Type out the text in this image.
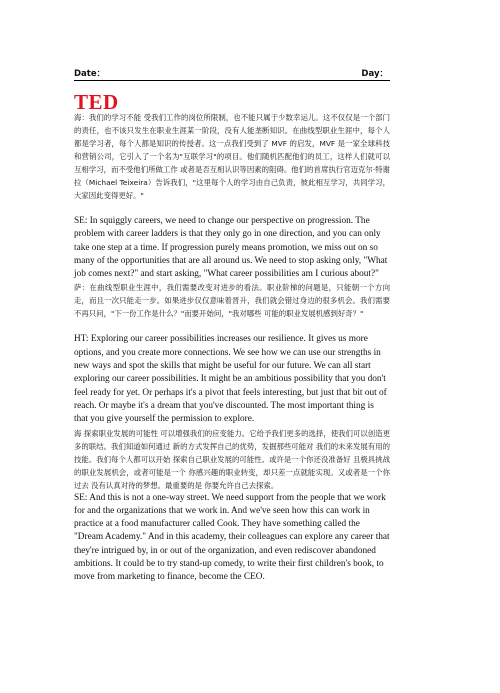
Date：	Day：
TED

海：我们的学习不能 受我们工作的岗位所限制，也不能只属于少数幸运儿。这不仅仅是一个部门的责任，也不该只发生在职业生涯某一阶段，没有人能垄断知识。在曲线型职业生涯中，每个人都是学习者，每个人都是知识的传授者。这一点我们受到了 MVF 的启发，MVF 是一家全球科技和营销公司，它引入了一个名为"互联学习"的项目。他们随机匹配他们的员工，这样人们就可以互相学习，而不受他们所做工作 或者是否互相认识等因素的阻碍。他们的首席执行官迈克尔·特谢拉（Michael Teixeira）告诉我们，"这里每个人的学习由自己负责，彼此相互学习，共同学习，大家因此变得更好。"

SE: In squiggly careers, we need to change our perspective on progression. The problem with career ladders is that they only go in one direction, and you can only take one step at a time. If progression purely means promotion, we miss out on so many of the opportunities that are all around us. We need to stop asking only, "What job comes next?" and start asking, "What career possibilities am I curious about?"

萨：在曲线型职业生涯中，我们需要改变对进步的看法。职业阶梯的问题是，只能朝一个方向走，而且一次只能走一步。如果进步仅仅意味着晋升，我们就会错过身边的很多机会。我们需要不再只问，"下一份工作是什么？"而要开始问，"我对哪些 可能的职业发展机感到好奇？"

HT: Exploring our career possibilities increases our resilience. It gives us more options, and you create more connections. We see how we can use our strengths in new ways and spot the skills that might be useful for our future. We can all start exploring our career possibilities. It might be an ambitious possibility that you don't feel ready for yet. Or perhaps it's a pivot that feels interesting, but just that bit out of reach. Or maybe it's a dream that you've discounted. The most important thing is that you give yourself the permission to explore.

海 探索职业发展的可能性 可以增强我们的应变能力。它给予我们更多的选择，使我们可以创造更多的联结。我们知道如何通过 新的方式发挥自己的优势，发掘那些可能对 我们的未来发展有用的技能。我们每个人都可以开始 探索自己职业发展的可能性。或许是一个你还没准备好 且极具挑战的职业发展机会，或者可能是一个 你感兴趣的职业转变，却只差一点就能实现。又或者是一个你过去 没有认真对待的梦想。最重要的是 你要允许自己去探索。

SE: And this is not a one-way street. We need support from the people that we work for and the organizations that we work in. And we've seen how this can work in practice at a food manufacturer called Cook. They have something called the "Dream Academy." And in this academy, their colleagues can explore any career that they're intrigued by, in or out of the organization, and even rediscover abandoned ambitions. It could be to try stand-up comedy, to write their first children's book, to move from marketing to finance, become the CEO.
